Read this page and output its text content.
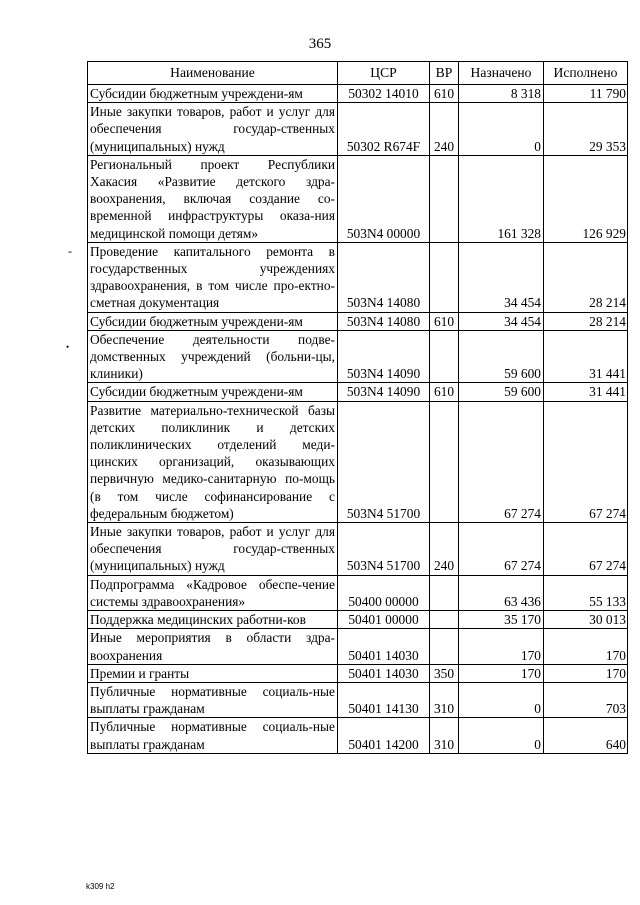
365
-
•
Наименование	ЦСР	ВР	Назначено	Исполнено
Субсидии бюджетным учреждени-ям	50302 14010	610	8 318	11 790
Иные закупки товаров, работ и услуг для обеспечения государ-ственных (муниципальных) нужд	50302 R674F	240	0	29 353
Региональный проект Республики Хакасия «Развитие детского здра-воохранения, включая создание со-временной инфраструктуры оказа-ния медицинской помощи детям»	503N4 00000		161 328	126 929
Проведение капитального ремонта в государственных учреждениях здравоохранения, в том числе про-ектно-сметная документация	503N4 14080		34 454	28 214
Субсидии бюджетным учреждени-ям	503N4 14080	610	34 454	28 214
Обеспечение деятельности подве-домственных учреждений (больни-цы, клиники)	503N4 14090		59 600	31 441
Субсидии бюджетным учреждени-ям	503N4 14090	610	59 600	31 441
Развитие материально-технической базы детских поликлиник и детских поликлинических отделений меди-цинских организаций, оказывающих первичную медико-санитарную по-мощь (в том числе софинансирование с федеральным бюджетом)	503N4 51700		67 274	67 274
Иные закупки товаров, работ и услуг для обеспечения государ-ственных (муниципальных) нужд	503N4 51700	240	67 274	67 274
Подпрограмма «Кадровое обеспе-чение системы здравоохранения»	50400 00000		63 436	55 133
Поддержка медицинских работни-ков	50401 00000		35 170	30 013
Иные мероприятия в области здра-воохранения	50401 14030		170	170
Премии и гранты	50401 14030	350	170	170
Публичные нормативные социаль-ные выплаты гражданам	50401 14130	310	0	703
Публичные нормативные социаль-ные выплаты гражданам	50401 14200	310	0	640
k309 h2
